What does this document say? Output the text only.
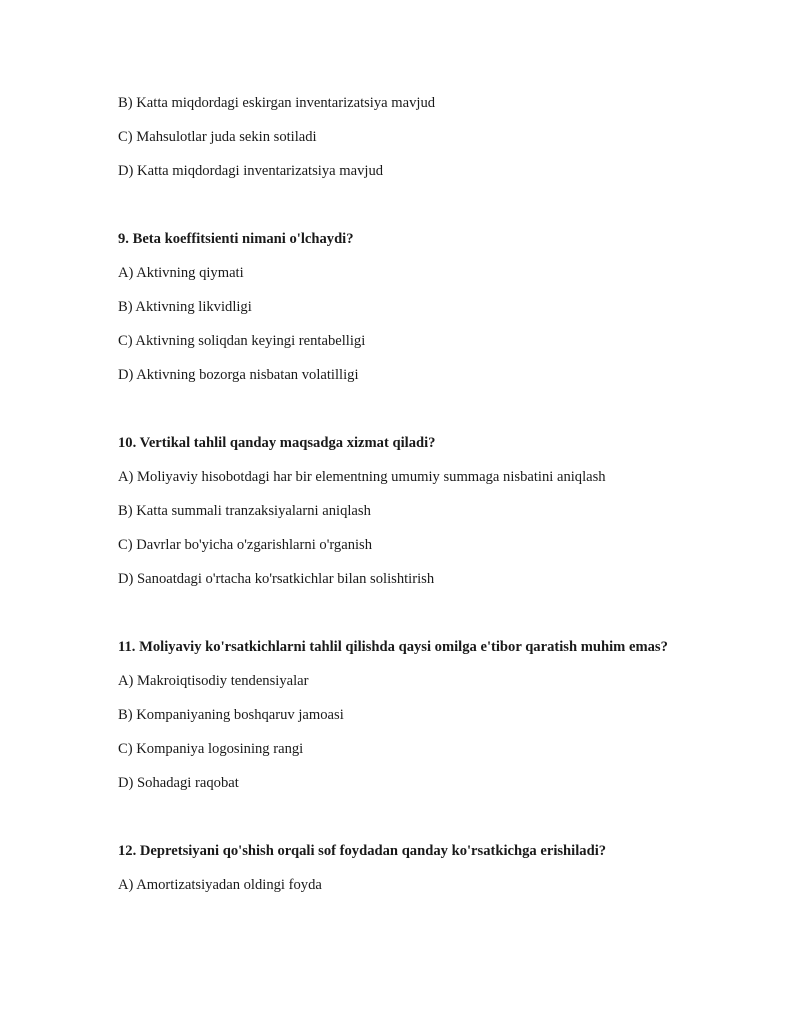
B) Katta miqdordagi eskirgan inventarizatsiya mavjud
C) Mahsulotlar juda sekin sotiladi
D) Katta miqdordagi inventarizatsiya mavjud
9. Beta koeffitsienti nimani o'lchaydi?
A) Aktivning qiymati
B) Aktivning likvidligi
C) Aktivning soliqdan keyingi rentabelligi
D) Aktivning bozorga nisbatan volatilligi
10. Vertikal tahlil qanday maqsadga xizmat qiladi?
A) Moliyaviy hisobotdagi har bir elementning umumiy summaga nisbatini aniqlash
B) Katta summali tranzaksiyalarni aniqlash
C) Davrlar bo'yicha o'zgarishlarni o'rganish
D) Sanoatdagi o'rtacha ko'rsatkichlar bilan solishtirish
11. Moliyaviy ko'rsatkichlarni tahlil qilishda qaysi omilga e'tibor qaratish muhim emas?
A) Makroiqtisodiy tendensiyalar
B) Kompaniyaning boshqaruv jamoasi
C) Kompaniya logosining rangi
D) Sohadagi raqobat
12. Depretsiyani qo'shish orqali sof foydadan qanday ko'rsatkichga erishiladi?
A) Amortizatsiyadan oldingi foyda
